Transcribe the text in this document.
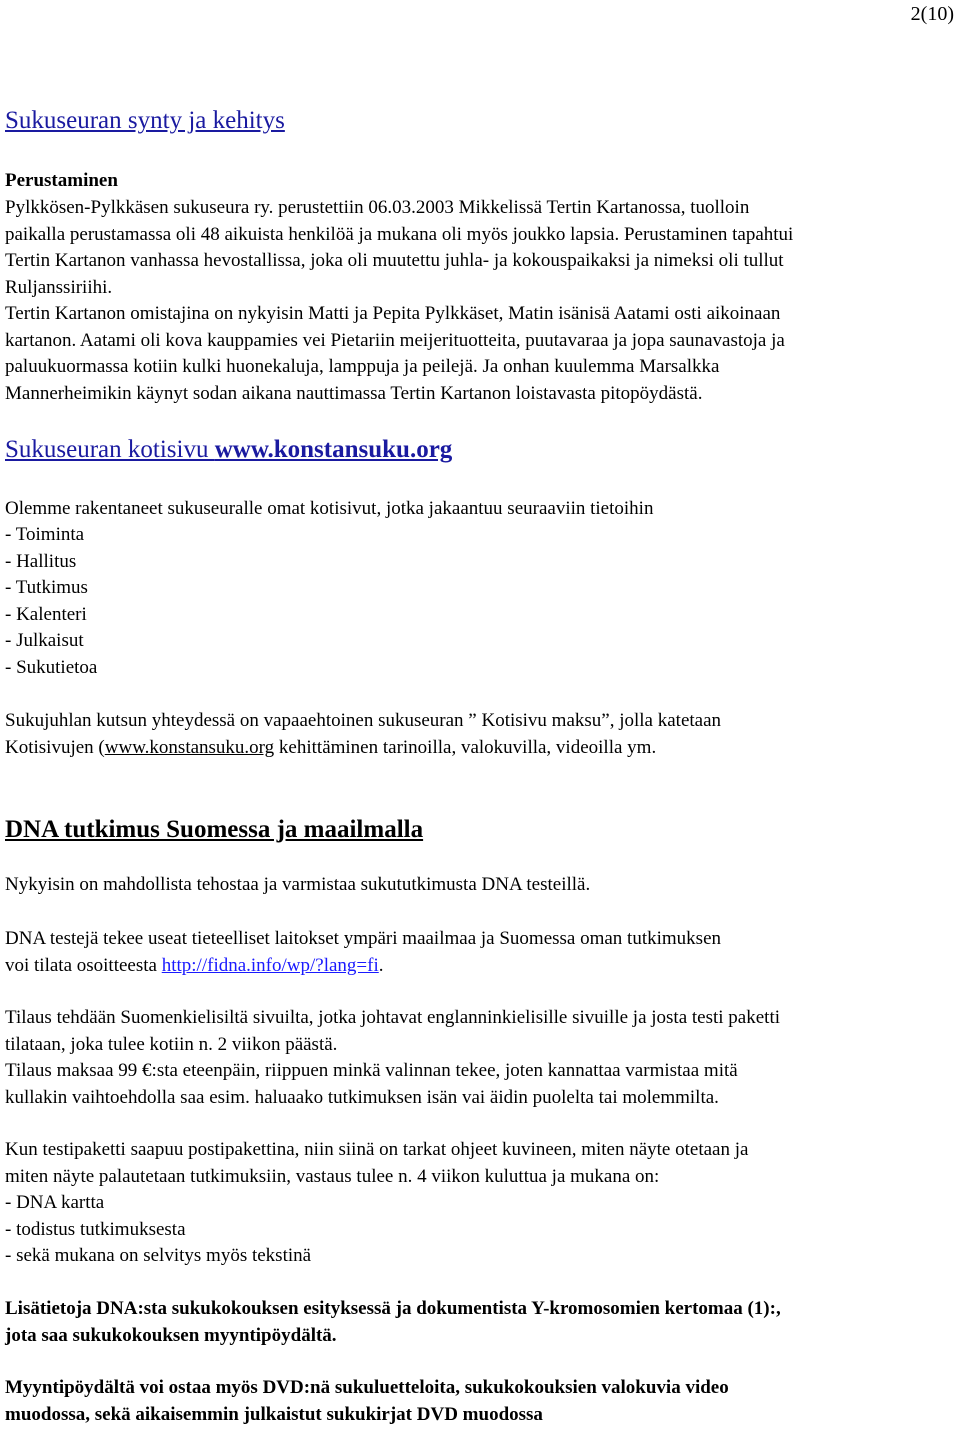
2(10)
Sukuseuran synty ja kehitys
Perustaminen
Pylkkösen-Pylkkäsen sukuseura ry. perustettiin 06.03.2003 Mikkelissä Tertin Kartanossa, tuolloin
paikalla perustamassa oli 48 aikuista henkilöä ja mukana oli myös joukko lapsia. Perustaminen tapahtui
Tertin Kartanon vanhassa hevostallissa, joka oli muutettu juhla- ja kokouspaikaksi ja nimeksi oli tullut
Ruljanssiriihi.
Tertin Kartanon omistajina on nykyisin Matti ja Pepita Pylkkäset, Matin isänisä Aatami osti aikoinaan
kartanon. Aatami oli kova kauppamies vei Pietariin meijerituotteita, puutavaraa ja jopa saunavastoja ja
paluukuormassa kotiin kulki huonekaluja, lamppuja ja peilejä. Ja onhan kuulemma Marsalkka
Mannerheimikin käynyt sodan aikana nauttimassa Tertin Kartanon loistavasta pitopöydästä.
Sukuseuran kotisivu www.konstansuku.org
Olemme rakentaneet sukuseuralle omat kotisivut, jotka jakaantuu seuraaviin tietoihin
- Toiminta
- Hallitus
- Tutkimus
- Kalenteri
- Julkaisut
- Sukutietoa
Sukujuhlan kutsun yhteydessä on vapaaehtoinen sukuseuran ” Kotisivu maksu”, jolla katetaan
Kotisivujen (www.konstansuku.org kehittäminen tarinoilla, valokuvilla, videoilla ym.
DNA tutkimus Suomessa ja maailmalla
Nykyisin on mahdollista tehostaa ja varmistaa sukututkimusta DNA testeillä.
DNA testejä tekee useat tieteelliset laitokset ympäri maailmaa ja Suomessa oman tutkimuksen
voi tilata osoitteesta http://fidna.info/wp/?lang=fi.
Tilaus tehdään Suomenkielisiltä sivuilta, jotka johtavat englanninkielisille sivuille ja josta testi paketti
tilataan, joka tulee kotiin n. 2 viikon päästä.
Tilaus maksaa 99 €:sta eteenpäin, riippuen minkä valinnan tekee, joten kannattaa varmistaa mitä
kullakin vaihtoehdolla saa esim. haluaako tutkimuksen isän vai äidin puolelta tai molemmilta.
Kun testipaketti saapuu postipakettina, niin siinä on tarkat ohjeet kuvineen, miten näyte otetaan ja
miten näyte palautetaan tutkimuksiin, vastaus tulee n. 4 viikon kuluttua ja mukana on:
- DNA kartta
- todistus tutkimuksesta
- sekä mukana on selvitys myös tekstinä
Lisätietoja DNA:sta sukukokouksen esityksessä ja dokumentista Y-kromosomien kertomaa (1):,
jota saa sukukokouksen myyntipöydältä.
Myyntipöydältä voi ostaa myös DVD:nä sukuluetteloita, sukukokouksien valokuvia video
muodossa, sekä aikaisemmin julkaistut sukukirjat DVD muodossa
